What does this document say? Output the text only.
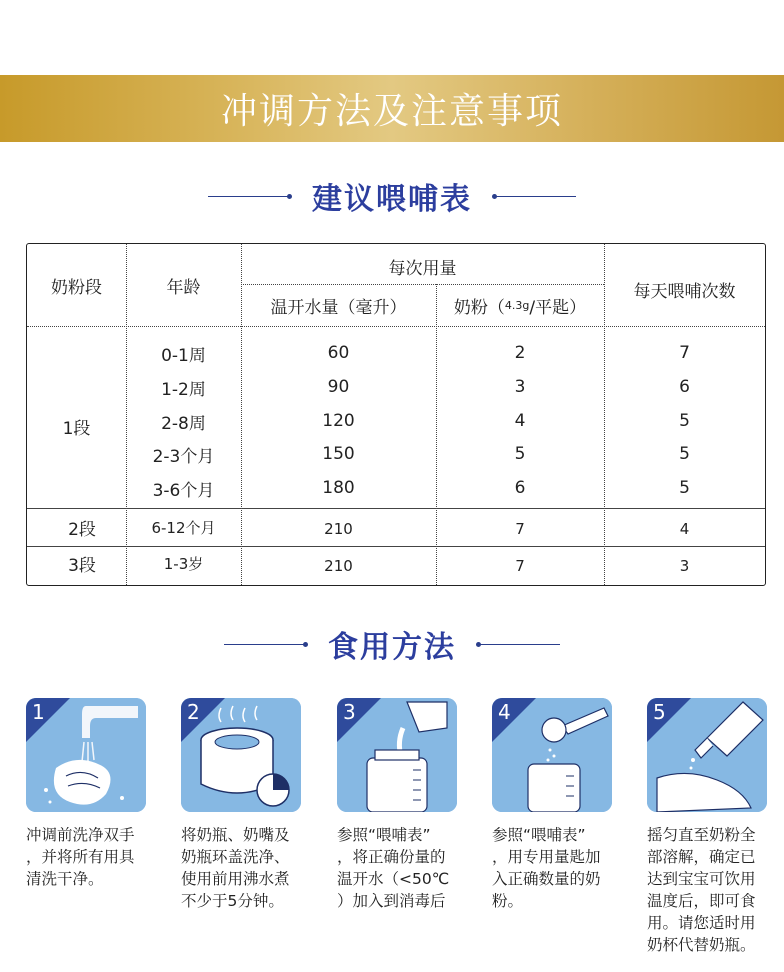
冲调方法及注意事项
建议喂哺表
奶粉段	年龄
每次用量
温开水量（毫升）	奶粉（ 4.3g /平匙）
每天喂哺次数
1段
0-1周	60	2	7
1-2周	90	3	6
2-8周	120	4	5
2-3个月	150	5	5
3-6个月	180	6	5
2段	6-12个月	210	7	4
3段	1-3岁	210	7	3
食用方法
1
冲调前洗净双手
，并将所有用具
清洗干净。
2
将奶瓶、奶嘴及
奶瓶环盖洗净、
使用前用沸水煮
不少于5分钟。
3
参照“喂哺表”
，将正确份量的
温开水（<50℃
）加入到消毒后
4
参照“喂哺表”
，用专用量匙加
入正确数量的奶
粉。
5
摇匀直至奶粉全
部溶解，确定已
达到宝宝可饮用
温度后，即可食
用。请您适时用
奶杯代替奶瓶。
